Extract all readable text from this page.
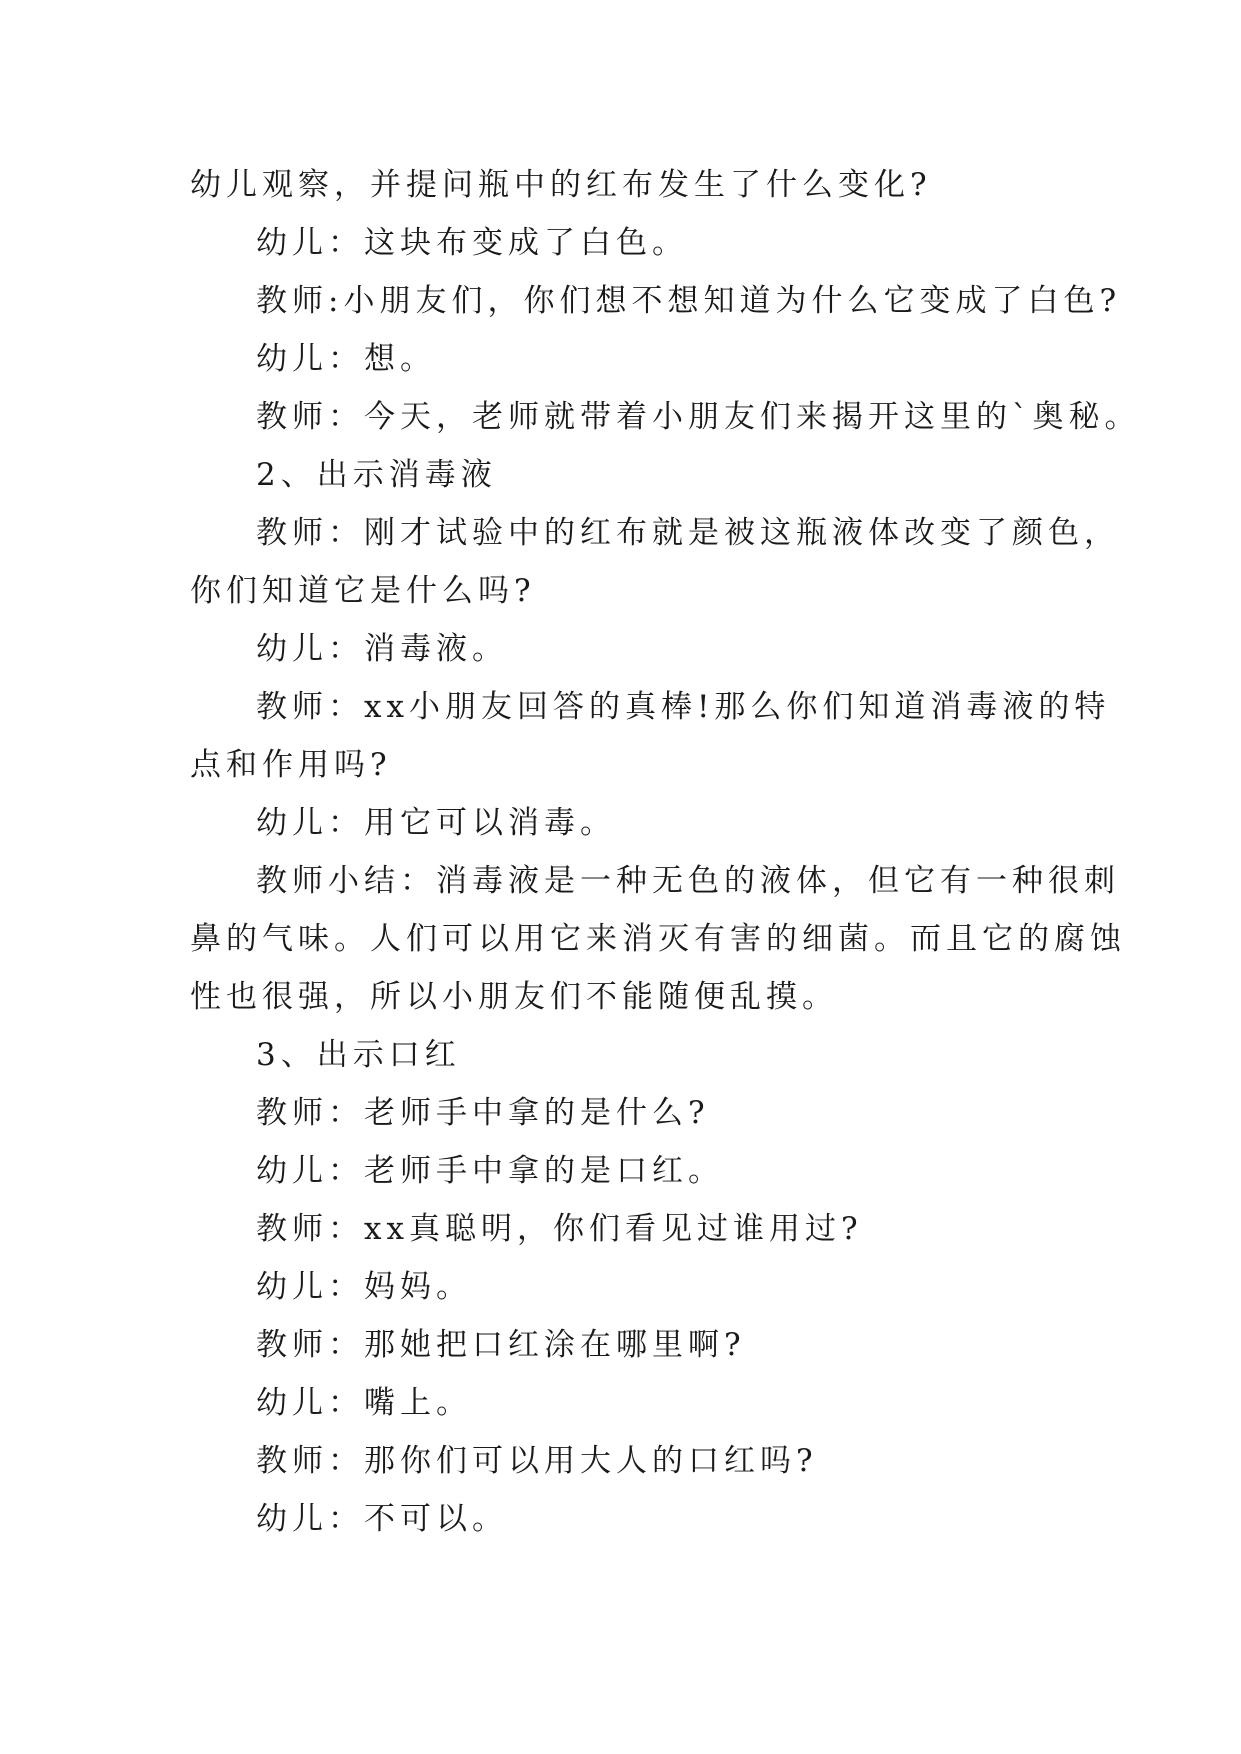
幼儿观察，并提问瓶中的红布发生了什么变化?
幼儿：这块布变成了白色。
教师:小朋友们，你们想不想知道为什么它变成了白色?
幼儿：想。
教师：今天，老师就带着小朋友们来揭开这里的`奥秘。
2、出示消毒液
教师：刚才试验中的红布就是被这瓶液体改变了颜色，
你们知道它是什么吗?
幼儿：消毒液。
教师：xx小朋友回答的真棒!那么你们知道消毒液的特
点和作用吗?
幼儿：用它可以消毒。
教师小结：消毒液是一种无色的液体，但它有一种很刺
鼻的气味。人们可以用它来消灭有害的细菌。而且它的腐蚀
性也很强，所以小朋友们不能随便乱摸。
3、出示口红
教师：老师手中拿的是什么?
幼儿：老师手中拿的是口红。
教师：xx真聪明，你们看见过谁用过?
幼儿：妈妈。
教师：那她把口红涂在哪里啊?
幼儿：嘴上。
教师：那你们可以用大人的口红吗?
幼儿：不可以。
